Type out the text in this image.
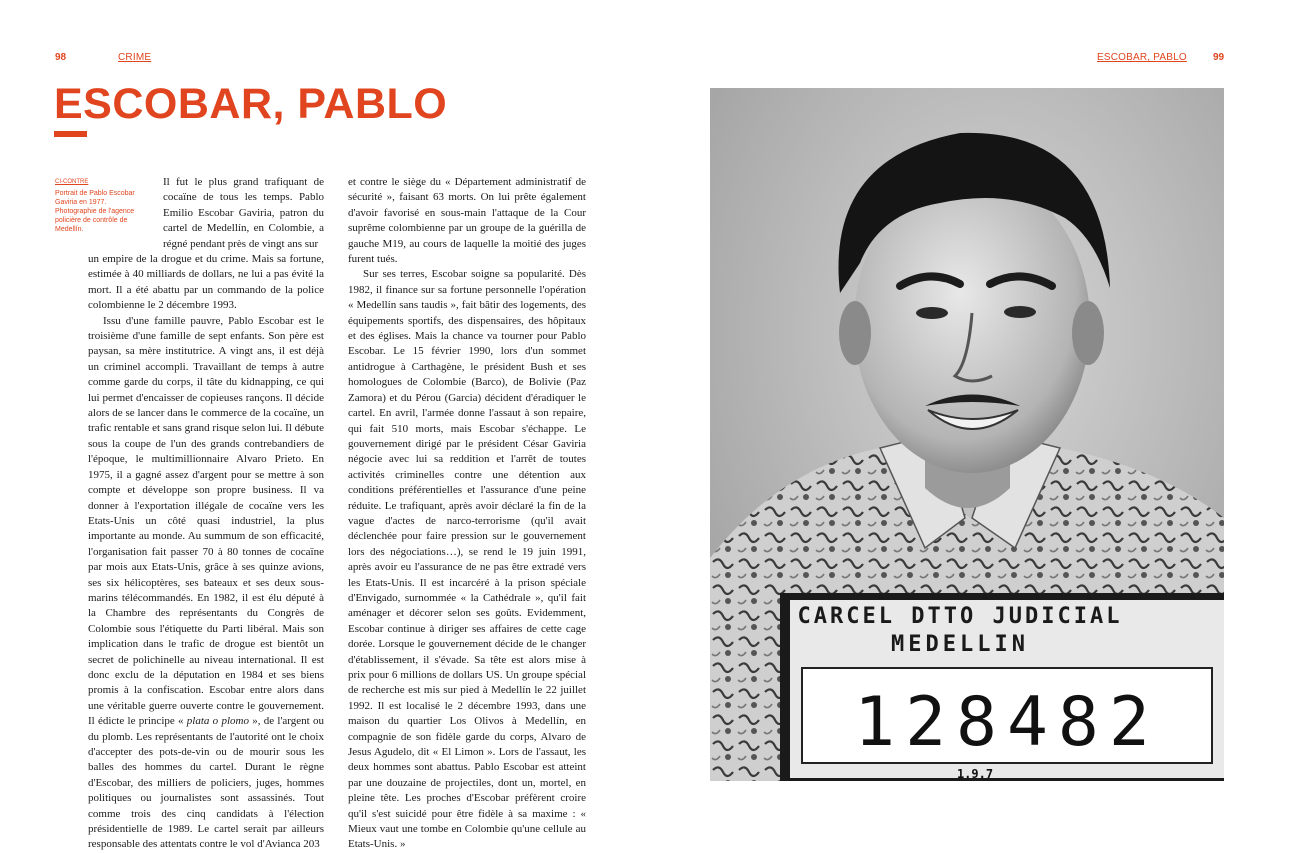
98	CRIME
ESCOBAR, PABLO
CI-CONTRE
Portrait de Pablo Escobar Gaviria en 1977. Photographie de l'agence policière de contrôle de Medellín.

Il fut le plus grand trafiquant de cocaïne de tous les temps. Pablo Emilio Escobar Gaviria, patron du cartel de Medellín, en Colombie, a régné pendant près de vingt ans sur

un empire de la drogue et du crime. Mais sa fortune, estimée à 40 milliards de dollars, ne lui a pas évité la mort. Il a été abattu par un commando de la police colombienne le 2 décembre 1993.

Issu d'une famille pauvre, Pablo Escobar est le troisième d'une famille de sept enfants. Son père est paysan, sa mère institutrice. A vingt ans, il est déjà un criminel accompli. Travaillant de temps à autre comme garde du corps, il tâte du kidnapping, ce qui lui permet d'encaisser de copieuses rançons. Il décide alors de se lancer dans le commerce de la cocaïne, un trafic rentable et sans grand risque selon lui. Il débute sous la coupe de l'un des grands contrebandiers de l'époque, le multimillionnaire Alvaro Prieto. En 1975, il a gagné assez d'argent pour se mettre à son compte et développe son propre business. Il va donner à l'exportation illégale de cocaïne vers les Etats-Unis un côté quasi industriel, la plus importante au monde. Au summum de son efficacité, l'organisation fait passer 70 à 80 tonnes de cocaïne par mois aux Etats-Unis, grâce à ses quinze avions, ses six hélicoptères, ses bateaux et ses deux sous-marins télécommandés. En 1982, il est élu député à la Chambre des représentants du Congrès de Colombie sous l'étiquette du Parti libéral. Mais son implication dans le trafic de drogue est bientôt un secret de polichinelle au niveau international. Il est donc exclu de la députation en 1984 et ses biens promis à la confiscation. Escobar entre alors dans une véritable guerre ouverte contre le gouvernement. Il édicte le principe « plata o plomo », de l'argent ou du plomb. Les représentants de l'autorité ont le choix d'accepter des pots-de-vin ou de mourir sous les balles des hommes du cartel. Durant le règne d'Escobar, des milliers de policiers, juges, hommes politiques ou journalistes sont assassinés. Tout comme trois des cinq candidats à l'élection présidentielle de 1989. Le cartel serait par ailleurs responsable des attentats contre le vol d'Avianca 203

et contre le siège du « Département administratif de sécurité », faisant 63 morts. On lui prête également d'avoir favorisé en sous-main l'attaque de la Cour suprême colombienne par un groupe de la guérilla de gauche M19, au cours de laquelle la moitié des juges furent tués.

Sur ses terres, Escobar soigne sa popularité. Dès 1982, il finance sur sa fortune personnelle l'opération « Medellín sans taudis », fait bâtir des logements, des équipements sportifs, des dispensaires, des hôpitaux et des églises. Mais la chance va tourner pour Pablo Escobar. Le 15 février 1990, lors d'un sommet antidrogue à Carthagène, le président Bush et ses homologues de Colombie (Barco), de Bolivie (Paz Zamora) et du Pérou (Garcia) décident d'éradiquer le cartel. En avril, l'armée donne l'assaut à son repaire, qui fait 510 morts, mais Escobar s'échappe. Le gouvernement dirigé par le président César Gaviria négocie avec lui sa reddition et l'arrêt de toutes activités criminelles contre une détention aux conditions préférentielles et l'assurance d'une peine réduite. Le trafiquant, après avoir déclaré la fin de la vague d'actes de narco-terrorisme (qu'il avait déclenchée pour faire pression sur le gouvernement lors des négociations…), se rend le 19 juin 1991, après avoir eu l'assurance de ne pas être extradé vers les Etats-Unis. Il est incarcéré à la prison spéciale d'Envigado, surnommée « la Cathédrale », qu'il fait aménager et décorer selon ses goûts. Evidemment, Escobar continue à diriger ses affaires de cette cage dorée. Lorsque le gouvernement décide de le changer d'établissement, il s'évade. Sa tête est alors mise à prix pour 6 millions de dollars US. Un groupe spécial de recherche est mis sur pied à Medellín le 22 juillet 1992. Il est localisé le 2 décembre 1993, dans une maison du quartier Los Olivos à Medellín, en compagnie de son fidèle garde du corps, Alvaro de Jesus Agudelo, dit « El Limon ». Lors de l'assaut, les deux hommes sont abattus. Pablo Escobar est atteint par une douzaine de projectiles, dont un, mortel, en pleine tête. Les proches d'Escobar préfèrent croire qu'il s'est suicidé pour être fidèle à sa maxime : « Mieux vaut une tombe en Colombie qu'une cellule au Etats-Unis. »

ESCOBAR, PABLO	99
CARCEL DTTO JUDICIAL
MEDELLIN
128482
1.9.7
